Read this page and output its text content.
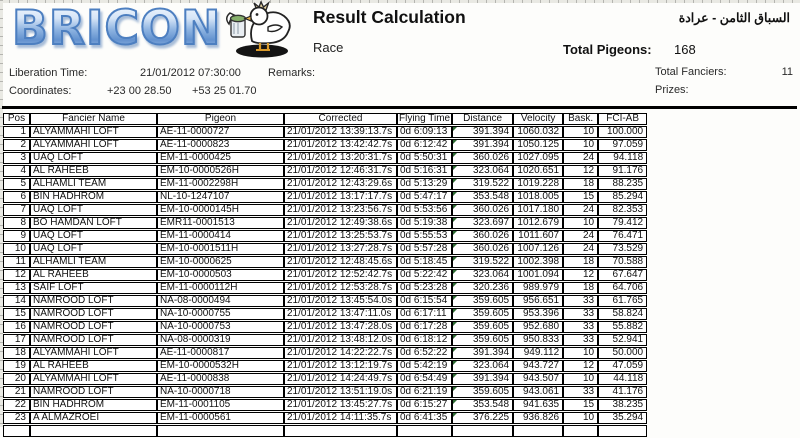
BRICON	Result Calculation
Race
السباق الثامن - عرادة
Total Pigeons: 168
Liberation Time:	21/01/2012 07:30:00 Remarks:
Coordinates:	+23 00 28.50 +53 25 01.70
Total Fanciers:	11
Prizes:
Pos	Fancier Name	Pigeon	Corrected	Flying Time	Distance	Velocity	Bask.	FCI-AB
1	ALYAMMAHI LOFT	AE-11-0000727	21/01/2012 13:39:13.7s	0d 6:09:13	391.394	1060.032	10	100.000
2	ALYAMMAHI LOFT	AE-11-0000823	21/01/2012 13:42:42.7s	0d 6:12:42	391.394	1050.125	10	97.059
3	UAQ LOFT	EM-11-0000425	21/01/2012 13:20:31.7s	0d 5:50:31	360.026	1027.095	24	94.118
4	AL RAHEEB	EM-10-0000526H	21/01/2012 12:46:31.7s	0d 5:16:31	323.064	1020.651	12	91.176
5	ALHAMLI TEAM	EM-11-0002298H	21/01/2012 12:43:29.6s	0d 5:13:29	319.522	1019.228	18	88.235
6	BIN HADHROM	NL-10-1247107	21/01/2012 13:17:17.7s	0d 5:47:17	353.548	1018.005	15	85.294
7	UAQ LOFT	EM-10-0000145H	21/01/2012 13:23:56.7s	0d 5:53:56	360.026	1017.180	24	82.353
8	BO HAMDAN LOFT	EMR11-0001513	21/01/2012 12:49:38.6s	0d 5:19:38	323.697	1012.679	10	79.412
9	UAQ LOFT	EM-11-0000414	21/01/2012 13:25:53.7s	0d 5:55:53	360.026	1011.607	24	76.471
10	UAQ LOFT	EM-10-0001511H	21/01/2012 13:27:28.7s	0d 5:57:28	360.026	1007.126	24	73.529
11	ALHAMLI TEAM	EM-10-0000625	21/01/2012 12:48:45.6s	0d 5:18:45	319.522	1002.398	18	70.588
12	AL RAHEEB	EM-10-0000503	21/01/2012 12:52:42.7s	0d 5:22:42	323.064	1001.094	12	67.647
13	SAIF LOFT	EM-11-0000112H	21/01/2012 12:53:28.7s	0d 5:23:28	320.236	989.979	18	64.706
14	NAMROOD LOFT	NA-08-0000494	21/01/2012 13:45:54.0s	0d 6:15:54	359.605	956.651	33	61.765
15	NAMROOD LOFT	NA-10-0000755	21/01/2012 13:47:11.0s	0d 6:17:11	359.605	953.396	33	58.824
16	NAMROOD LOFT	NA-10-0000753	21/01/2012 13:47:28.0s	0d 6:17:28	359.605	952.680	33	55.882
17	NAMROOD LOFT	NA-08-0000319	21/01/2012 13:48:12.0s	0d 6:18:12	359.605	950.833	33	52.941
18	ALYAMMAHI LOFT	AE-11-0000817	21/01/2012 14:22:22.7s	0d 6:52:22	391.394	949.112	10	50.000
19	AL RAHEEB	EM-10-0000532H	21/01/2012 13:12:19.7s	0d 5:42:19	323.064	943.727	12	47.059
20	ALYAMMAHI LOFT	AE-11-0000838	21/01/2012 14:24:49.7s	0d 6:54:49	391.394	943.507	10	44.118
21	NAMROOD LOFT	NA-10-0000718	21/01/2012 13:51:19.0s	0d 6:21:19	359.605	943.061	33	41.176
22	BIN HADHROM	EM-11-0001105	21/01/2012 13:45:27.7s	0d 6:15:27	353.548	941.635	15	38.235
23	A ALMAZROEI	EM-11-0000561	21/01/2012 14:11:35.7s	0d 6:41:35	376.225	936.826	10	35.294
